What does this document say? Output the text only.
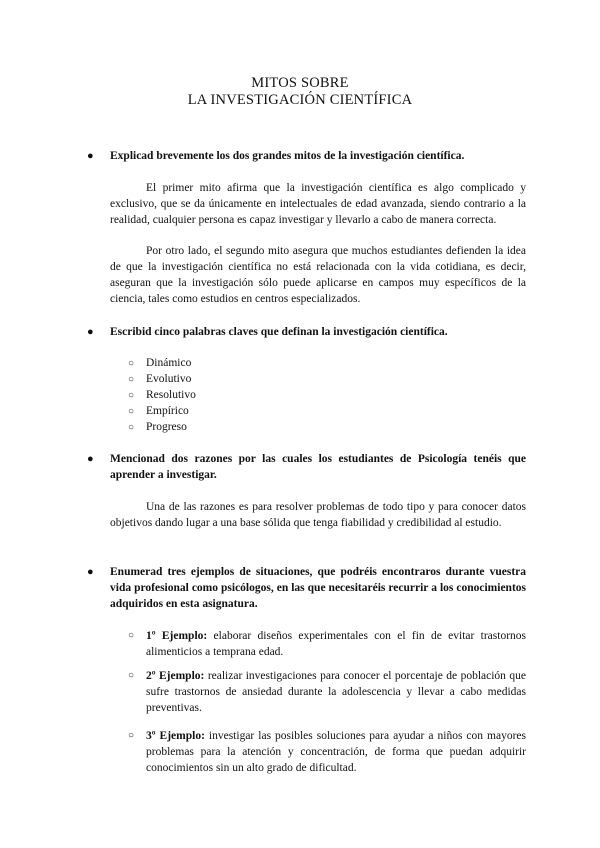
MITOS SOBRE
LA INVESTIGACIÓN CIENTÍFICA
● Explicad brevemente los dos grandes mitos de la investigación científica.
El primer mito afirma que la investigación científica es algo complicado y exclusivo, que se da únicamente en intelectuales de edad avanzada, siendo contrario a la realidad, cualquier persona es capaz investigar y llevarlo a cabo de manera correcta.
Por otro lado, el segundo mito asegura que muchos estudiantes defienden la idea de que la investigación científica no está relacionada con la vida cotidiana, es decir, aseguran que la investigación sólo puede aplicarse en campos muy específicos de la ciencia, tales como estudios en centros especializados.
● Escribid cinco palabras claves que definan la investigación científica.
○ Dinámico
○ Evolutivo
○ Resolutivo
○ Empírico
○ Progreso
● Mencionad dos razones por las cuales los estudiantes de Psicología tenéis que aprender a investigar.
Una de las razones es para resolver problemas de todo tipo y para conocer datos objetivos dando lugar a una base sólida que tenga fiabilidad y credibilidad al estudio.
● Enumerad tres ejemplos de situaciones, que podréis encontraros durante vuestra vida profesional como psicólogos, en las que necesitaréis recurrir a los conocimientos adquiridos en esta asignatura.
○ 1º Ejemplo: elaborar diseños experimentales con el fin de evitar trastornos alimenticios a temprana edad.
○ 2º Ejemplo: realizar investigaciones para conocer el porcentaje de población que sufre trastornos de ansiedad durante la adolescencia y llevar a cabo medidas preventivas.
○ 3º Ejemplo: investigar las posibles soluciones para ayudar a niños con mayores problemas para la atención y concentración, de forma que puedan adquirir conocimientos sin un alto grado de dificultad.
